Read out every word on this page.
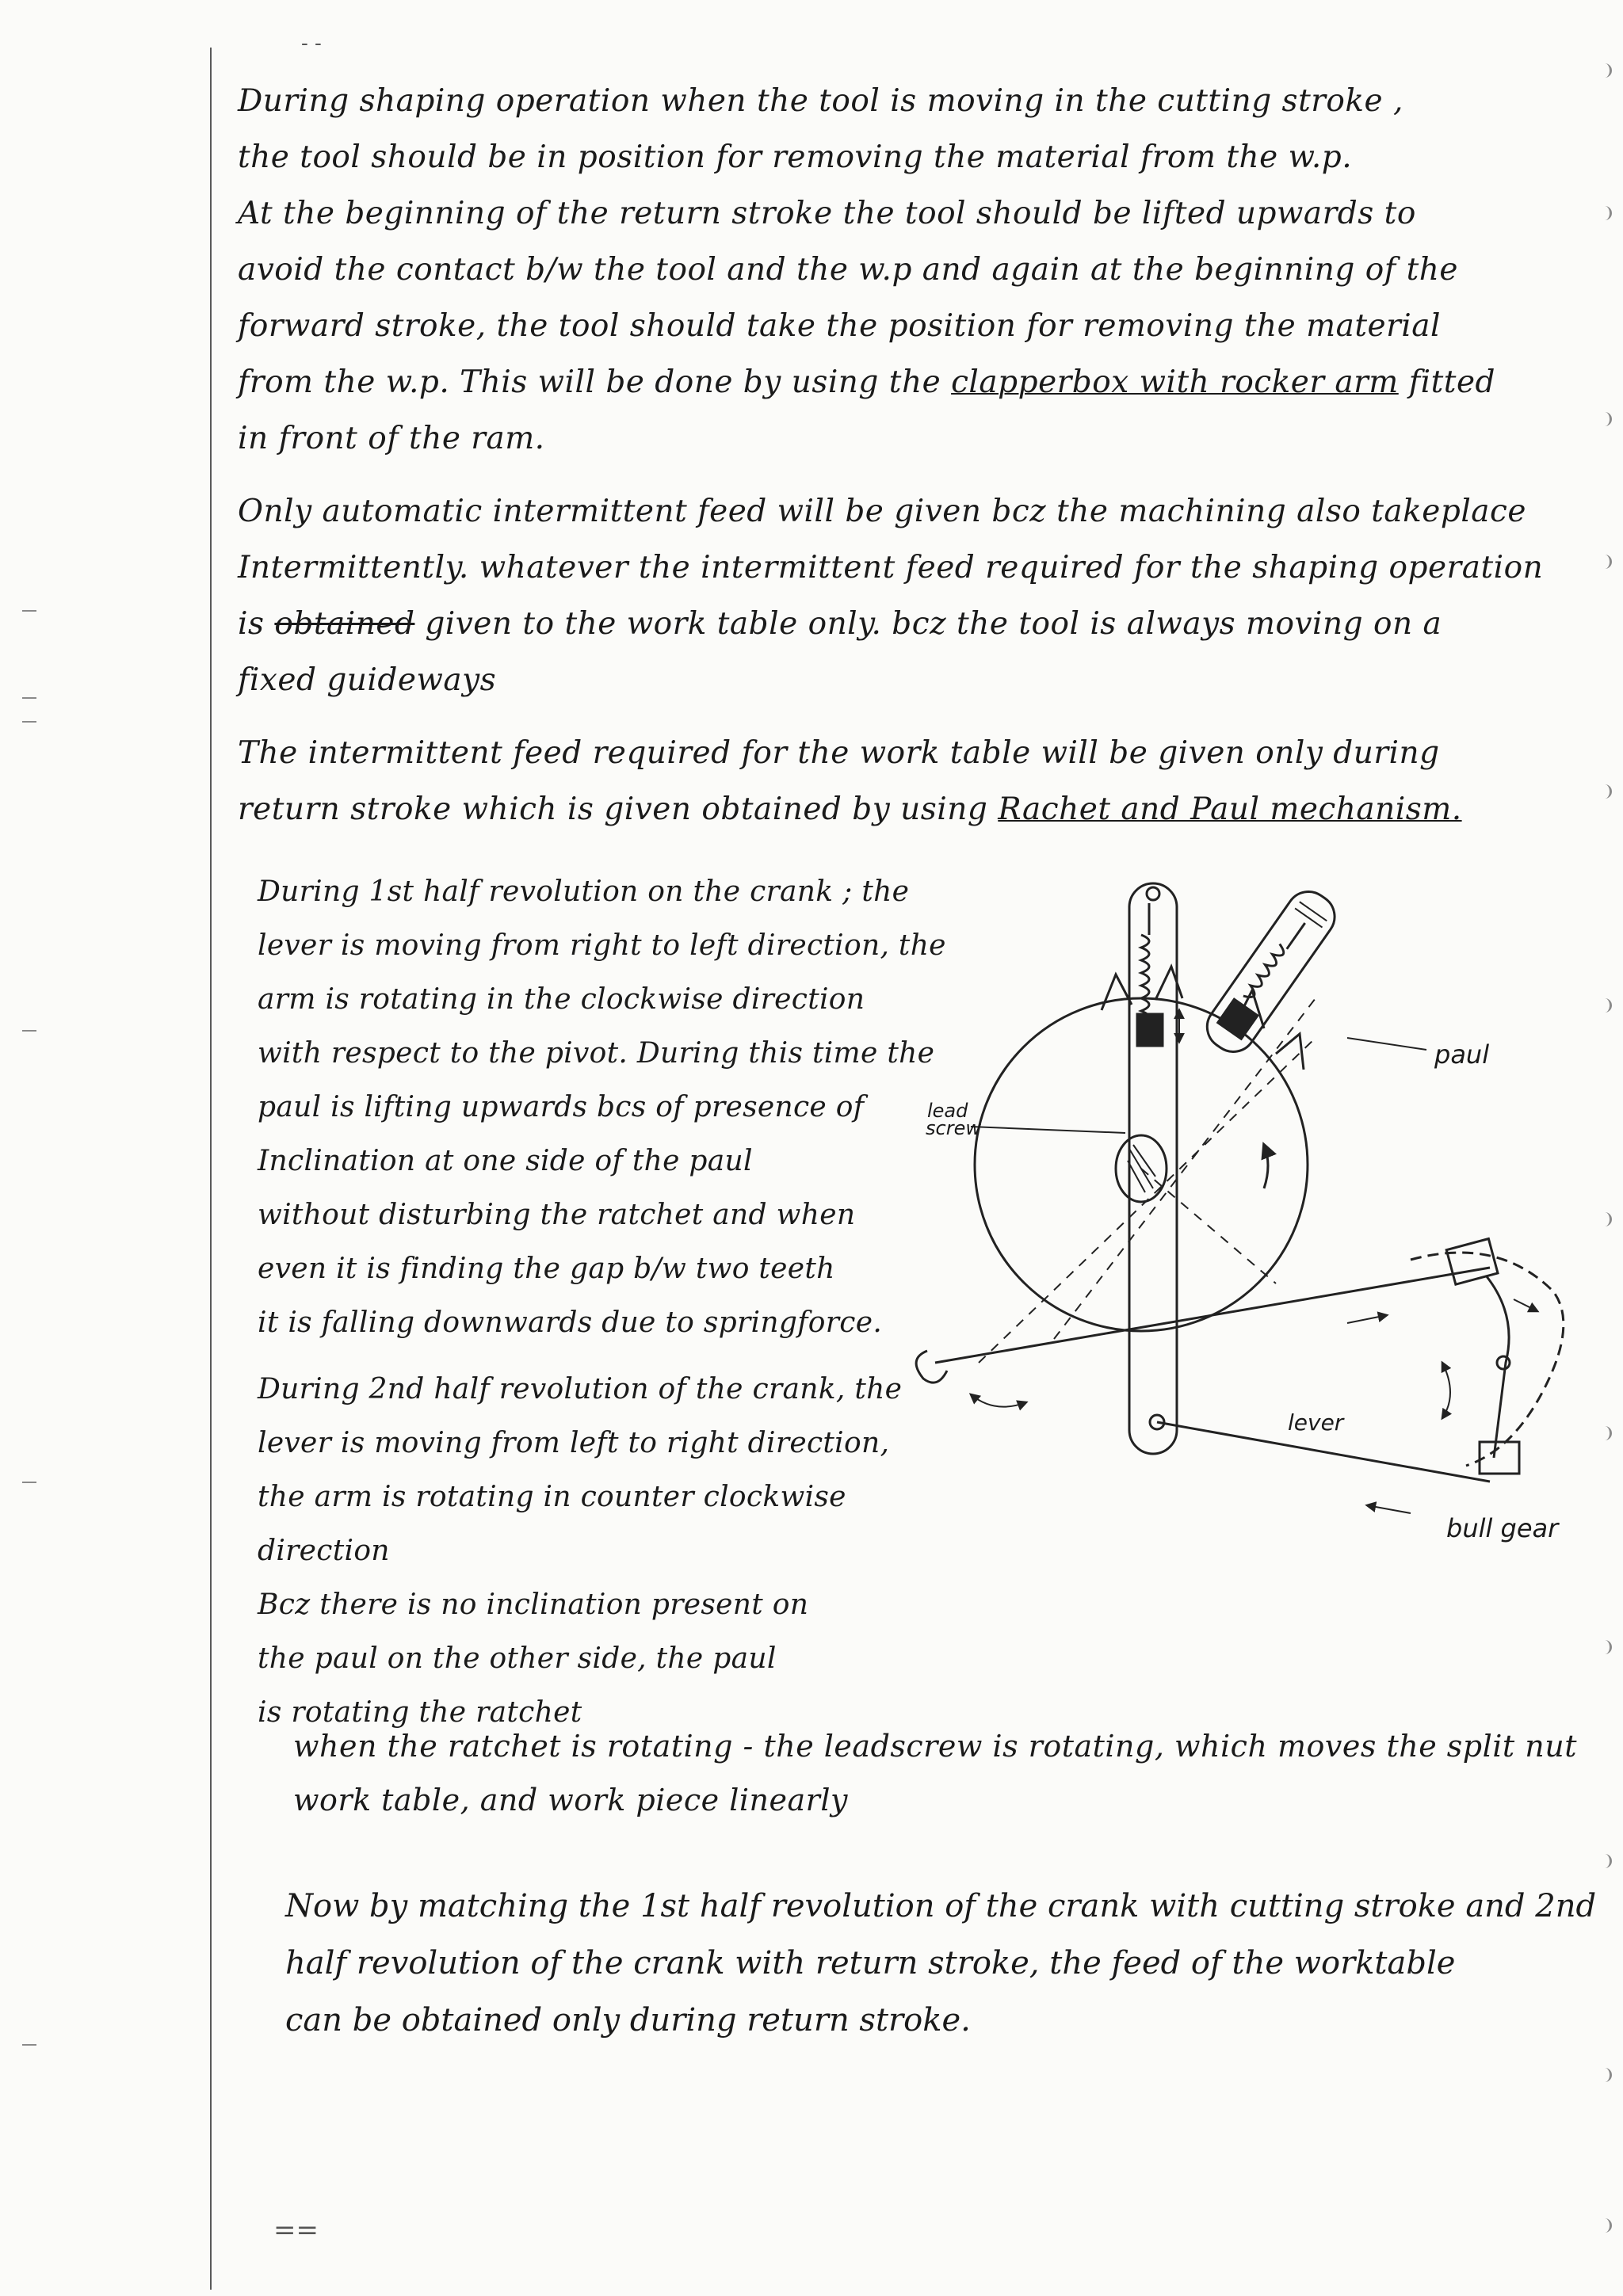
- -
==

During shaping operation when the tool is moving in the cutting stroke ,

the tool should be in position for removing the material from the w.p.

At the beginning of the return stroke the tool should be lifted upwards to

avoid the contact b/w the tool and the w.p and again at the beginning of the

forward stroke, the tool should take the position for removing the material

from the w.p. This will be done by using the clapperbox with rocker arm fitted

in front of the ram.

Only automatic intermittent feed will be given bcz the machining also takeplace

Intermittently. whatever the intermittent feed required for the shaping operation

is obtained given to the work table only. bcz the tool is always moving on a

fixed guideways

The intermittent feed required for the work table will be given only during

return stroke which is given obtained by using Rachet and Paul mechanism.

During 1st half revolution on the crank ; the

lever is moving from right to left direction, the

arm is rotating in the clockwise direction

with respect to the pivot. During this time the

paul is lifting upwards bcs of presence of

Inclination at one side of the paul

without disturbing the ratchet and when

even it is finding the gap b/w two teeth

it is falling downwards due to springforce.

During 2nd half revolution of the crank, the

lever is moving from left to right direction,

the arm is rotating in counter clockwise

direction

Bcz there is no inclination present on

the paul on the other side, the paul

is rotating the ratchet

when the ratchet is rotating - the leadscrew is rotating, which moves the split nut

work table, and work piece linearly

Now by matching the 1st half revolution of the crank with cutting stroke and 2nd

half revolution of the crank with return stroke, the feed of the worktable

can be obtained only during return stroke.

paul
lead
screw
lever
bull gear
